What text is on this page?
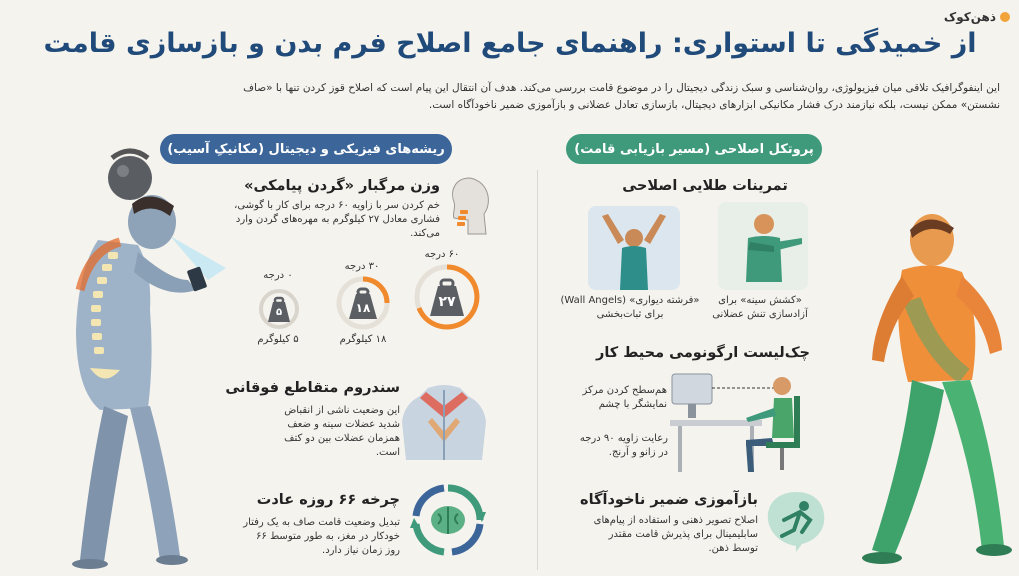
ذهن‌کوک
از خمیدگی تا استواری: راهنمای جامع اصلاح فرم بدن و بازسازی قامت

این اینفوگرافیک تلاقی میان فیزیولوژی، روان‌شناسی و سبک زندگی دیجیتال را در موضوع قامت بررسی می‌کند. هدف آن انتقال این پیام است که اصلاح قوز کردن تنها با «صاف

نشستن» ممکن نیست، بلکه نیازمند درک فشار مکانیکی ابزارهای دیجیتال، بازسازی تعادل عضلانی و بازآموزی ضمیر ناخودآگاه است.

پروتکل اصلاحی (مسیر بازیابی قامت)
ریشه‌های فیزیکی و دیجیتال (مکانیکِ آسیب)
تمرینات طلایی اصلاحی
«کشش سینه» برای آزادسازی تنش عضلانی
«فرشته دیواری» (Wall Angels) برای ثبات‌بخشی
چک‌لیست ارگونومی محیط کار
هم‌سطح کردن مرکز نمایشگر با چشم
رعایت زاویه ۹۰ درجه در زانو و آرنج.
بازآموزی ضمیر ناخودآگاه
اصلاح تصویر ذهنی و استفاده از پیام‌های سابلیمینال برای پذیرش قامت مقتدر توسط ذهن.
وزن مرگبار «گردن پیامکی»
خم کردن سر با زاویه ۶۰ درجه برای کار با گوشی، فشاری معادل ۲۷ کیلوگرم به مهره‌های گردن وارد می‌کند.
۶۰ درجه
۳۰ درجه
۰ درجه
۲۷
۱۸
۱۸ کیلوگرم
۵
۵ کیلوگرم
سندروم متقاطع فوقانی
این وضعیت ناشی از انقباض شدید عضلات سینه و ضعف همزمان عضلات بین دو کتف است.
چرخه ۶۶ روزه عادت
تبدیل وضعیت قامت صاف به یک رفتار خودکار در مغز، به طور متوسط ۶۶ روز زمان نیاز دارد.
